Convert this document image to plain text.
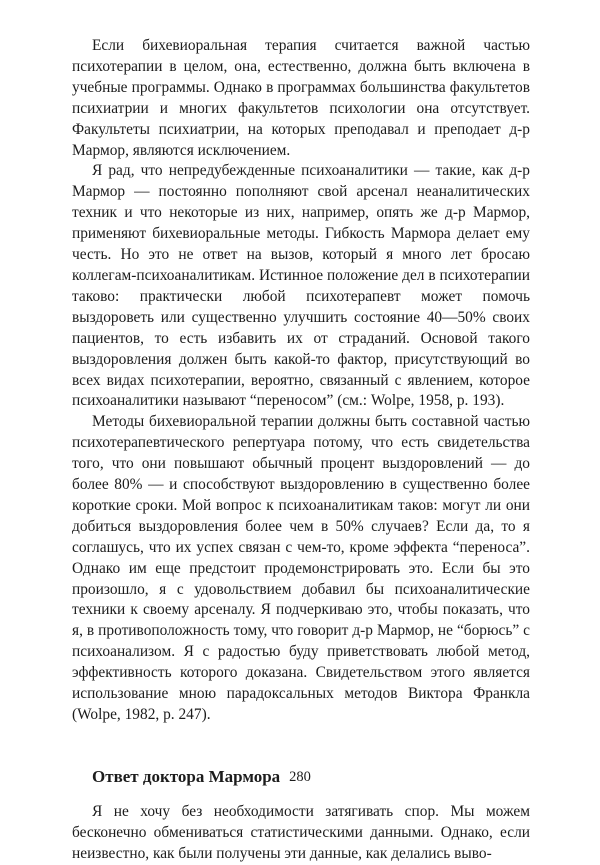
Если бихевиоральная терапия считается важной частью психотерапии в целом, она, естественно, должна быть включена в учебные программы. Однако в программах большинства факультетов психиатрии и многих факультетов психологии она отсутствует. Факультеты психиатрии, на которых преподавал и преподает д-р Мармор, являются исключением.

Я рад, что непредубежденные психоаналитики — такие, как д-р Мармор — постоянно пополняют свой арсенал неаналитических техник и что некоторые из них, например, опять же д-р Мармор, применяют бихевиоральные методы. Гибкость Мармора делает ему честь. Но это не ответ на вызов, который я много лет бросаю коллегам-психоаналитикам. Истинное положение дел в психотерапии таково: практически любой психотерапевт может помочь выздороветь или существенно улучшить состояние 40—50% своих пациентов, то есть избавить их от страданий. Основой такого выздоровления должен быть какой-то фактор, присутствующий во всех видах психотерапии, вероятно, связанный с явлением, которое психоаналитики называют “переносом” (см.: Wolpe, 1958, p. 193).

Методы бихевиоральной терапии должны быть составной частью психотерапевтического репертуара потому, что есть свидетельства того, что они повышают обычный процент выздоровлений — до более 80% — и способствуют выздоровлению в существенно более короткие сроки. Мой вопрос к психоаналитикам таков: могут ли они добиться выздоровления более чем в 50% случаев? Если да, то я соглашусь, что их успех связан с чем-то, кроме эффекта “переноса”. Однако им еще предстоит продемонстрировать это. Если бы это произошло, я с удовольствием добавил бы психоаналитические техники к своему арсеналу. Я подчеркиваю это, чтобы показать, что я, в противоположность тому, что говорит д-р Мармор, не “борюсь” с психоанализом. Я с радостью буду приветствовать любой метод, эффективность которого доказана. Свидетельством этого является использование мною парадоксальных методов Виктора Франкла (Wolpe, 1982, p. 247).

Ответ доктора Мармора

Я не хочу без необходимости затягивать спор. Мы можем бесконечно обмениваться статистическими данными. Однако, если неизвестно, как были получены эти данные, как делались выво-

280
